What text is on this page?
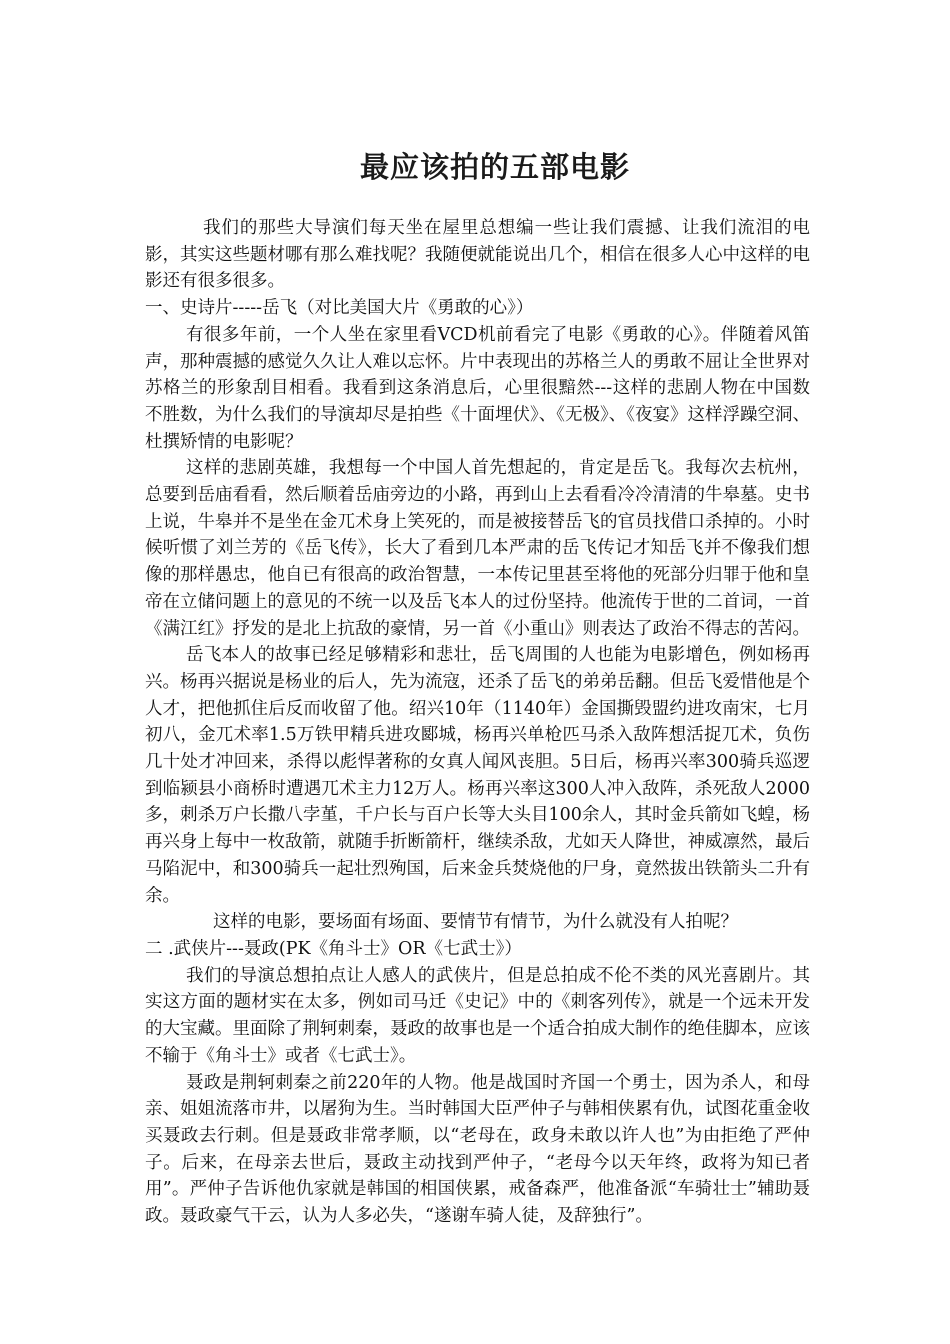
最应该拍的五部电影

我们的那些大导演们每天坐在屋里总想编一些让我们震撼、让我们流泪的电影，其实这些题材哪有那么难找呢？我随便就能说出几个，相信在很多人心中这样的电影还有很多很多。

一、史诗片-----岳飞（对比美国大片《勇敢的心》）

有很多年前，一个人坐在家里看VCD机前看完了电影《勇敢的心》。伴随着风笛声，那种震撼的感觉久久让人难以忘怀。片中表现出的苏格兰人的勇敢不屈让全世界对苏格兰的形象刮目相看。我看到这条消息后，心里很黯然---这样的悲剧人物在中国数不胜数，为什么我们的导演却尽是拍些《十面埋伏》、《无极》、《夜宴》这样浮躁空洞、杜撰矫情的电影呢？

这样的悲剧英雄，我想每一个中国人首先想起的，肯定是岳飞。我每次去杭州，总要到岳庙看看，然后顺着岳庙旁边的小路，再到山上去看看冷冷清清的牛皋墓。史书上说，牛皋并不是坐在金兀术身上笑死的，而是被接替岳飞的官员找借口杀掉的。小时候听惯了刘兰芳的《岳飞传》，长大了看到几本严肃的岳飞传记才知岳飞并不像我们想像的那样愚忠，他自已有很高的政治智慧，一本传记里甚至将他的死部分归罪于他和皇帝在立储问题上的意见的不统一以及岳飞本人的过份坚持。他流传于世的二首词，一首《满江红》抒发的是北上抗敌的豪情，另一首《小重山》则表达了政治不得志的苦闷。

岳飞本人的故事已经足够精彩和悲壮，岳飞周围的人也能为电影增色，例如杨再兴。杨再兴据说是杨业的后人，先为流寇，还杀了岳飞的弟弟岳翻。但岳飞爱惜他是个人才，把他抓住后反而收留了他。绍兴10年（1140年）金国撕毁盟约进攻南宋，七月初八，金兀术率1.5万铁甲精兵进攻郾城，杨再兴单枪匹马杀入敌阵想活捉兀术，负伤几十处才冲回来，杀得以彪悍著称的女真人闻风丧胆。5日后，杨再兴率300骑兵巡逻到临颍县小商桥时遭遇兀术主力12万人。杨再兴率这300人冲入敌阵，杀死敌人2000多，刺杀万户长撒八孛堇，千户长与百户长等大头目100余人，其时金兵箭如飞蝗，杨再兴身上每中一枚敌箭，就随手折断箭杆，继续杀敌，尤如天人降世，神威凛然，最后马陷泥中，和300骑兵一起壮烈殉国，后来金兵焚烧他的尸身，竟然拔出铁箭头二升有余。

这样的电影，要场面有场面、要情节有情节，为什么就没有人拍呢？

二 .武侠片---聂政(PK《角斗士》OR《七武士》）

我们的导演总想拍点让人感人的武侠片，但是总拍成不伦不类的风光喜剧片。其实这方面的题材实在太多，例如司马迁《史记》中的《刺客列传》，就是一个远未开发的大宝藏。里面除了荆轲刺秦，聂政的故事也是一个适合拍成大制作的绝佳脚本，应该不输于《角斗士》或者《七武士》。

聂政是荆轲刺秦之前220年的人物。他是战国时齐国一个勇士，因为杀人，和母亲、姐姐流落市井，以屠狗为生。当时韩国大臣严仲子与韩相侠累有仇，试图花重金收买聂政去行刺。但是聂政非常孝顺，以“老母在，政身未敢以许人也”为由拒绝了严仲子。后来，在母亲去世后，聂政主动找到严仲子，“老母今以天年终，政将为知已者用”。严仲子告诉他仇家就是韩国的相国侠累，戒备森严，他准备派“车骑壮士”辅助聂政。聂政豪气干云，认为人多必失，“遂谢车骑人徒，及辞独行”。
